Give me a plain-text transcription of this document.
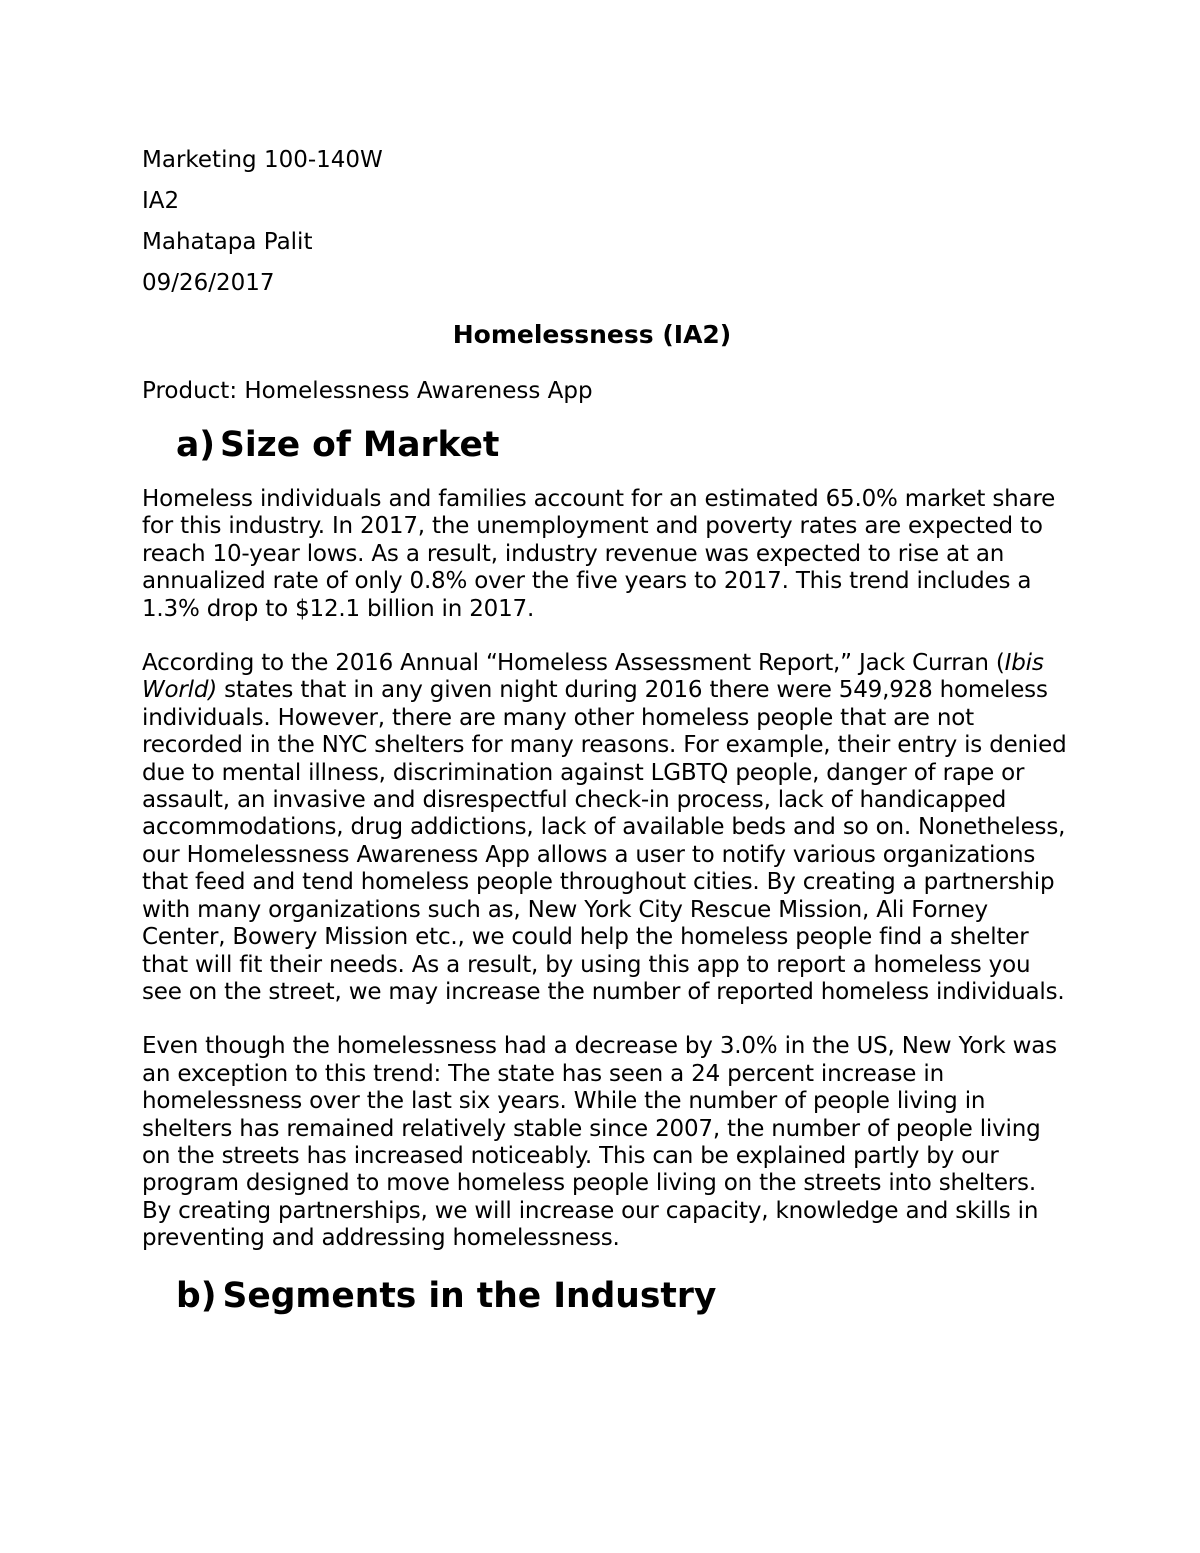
Marketing 100-140W

IA2

Mahatapa Palit

09/26/2017

Homelessness (IA2)

Product: Homelessness Awareness App

a) Size of Market

Homeless individuals and families account for an estimated 65.0% market share for this industry. In 2017, the unemployment and poverty rates are expected to reach 10-year lows. As a result, industry revenue was expected to rise at an annualized rate of only 0.8% over the five years to 2017. This trend includes a 1.3% drop to $12.1 billion in 2017.

According to the 2016 Annual “Homeless Assessment Report,” Jack Curran (Ibis World) states that in any given night during 2016 there were 549,928 homeless individuals. However, there are many other homeless people that are not recorded in the NYC shelters for many reasons. For example, their entry is denied due to mental illness, discrimination against LGBTQ people, danger of rape or assault, an invasive and disrespectful check-in process, lack of handicapped accommodations, drug addictions, lack of available beds and so on. Nonetheless, our Homelessness Awareness App allows a user to notify various organizations that feed and tend homeless people throughout cities. By creating a partnership with many organizations such as, New York City Rescue Mission, Ali Forney Center, Bowery Mission etc., we could help the homeless people find a shelter that will fit their needs. As a result, by using this app to report a homeless you see on the street, we may increase the number of reported homeless individuals.

Even though the homelessness had a decrease by 3.0% in the US, New York was an exception to this trend: The state has seen a 24 percent increase in homelessness over the last six years. While the number of people living in shelters has remained relatively stable since 2007, the number of people living on the streets has increased noticeably. This can be explained partly by our program designed to move homeless people living on the streets into shelters. By creating partnerships, we will increase our capacity, knowledge and skills in preventing and addressing homelessness.

b) Segments in the Industry
